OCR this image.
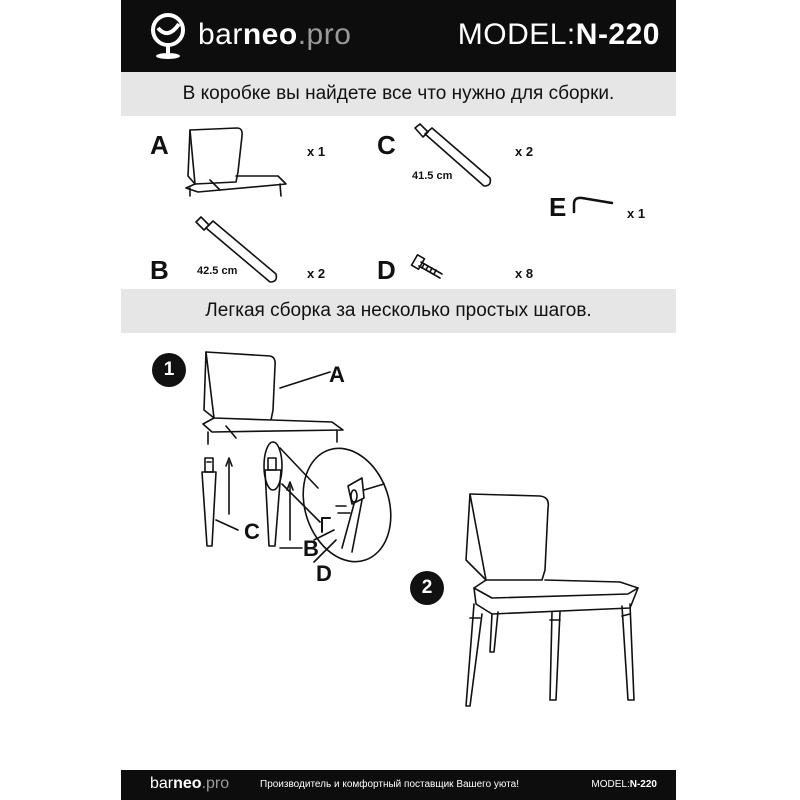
barneo.pro	MODEL:N-220
В коробке вы найдете все что нужно для сборки.
A	x 1
B	42.5 cm	x 2
C
41.5 cm
x 2
D	x 8
E	x 1
Легкая сборка за несколько простых шагов.
1
2
A
C
B
D
barneo.pro	Производитель и комфортный поставщик Вашего уюта!	MODEL:N-220
